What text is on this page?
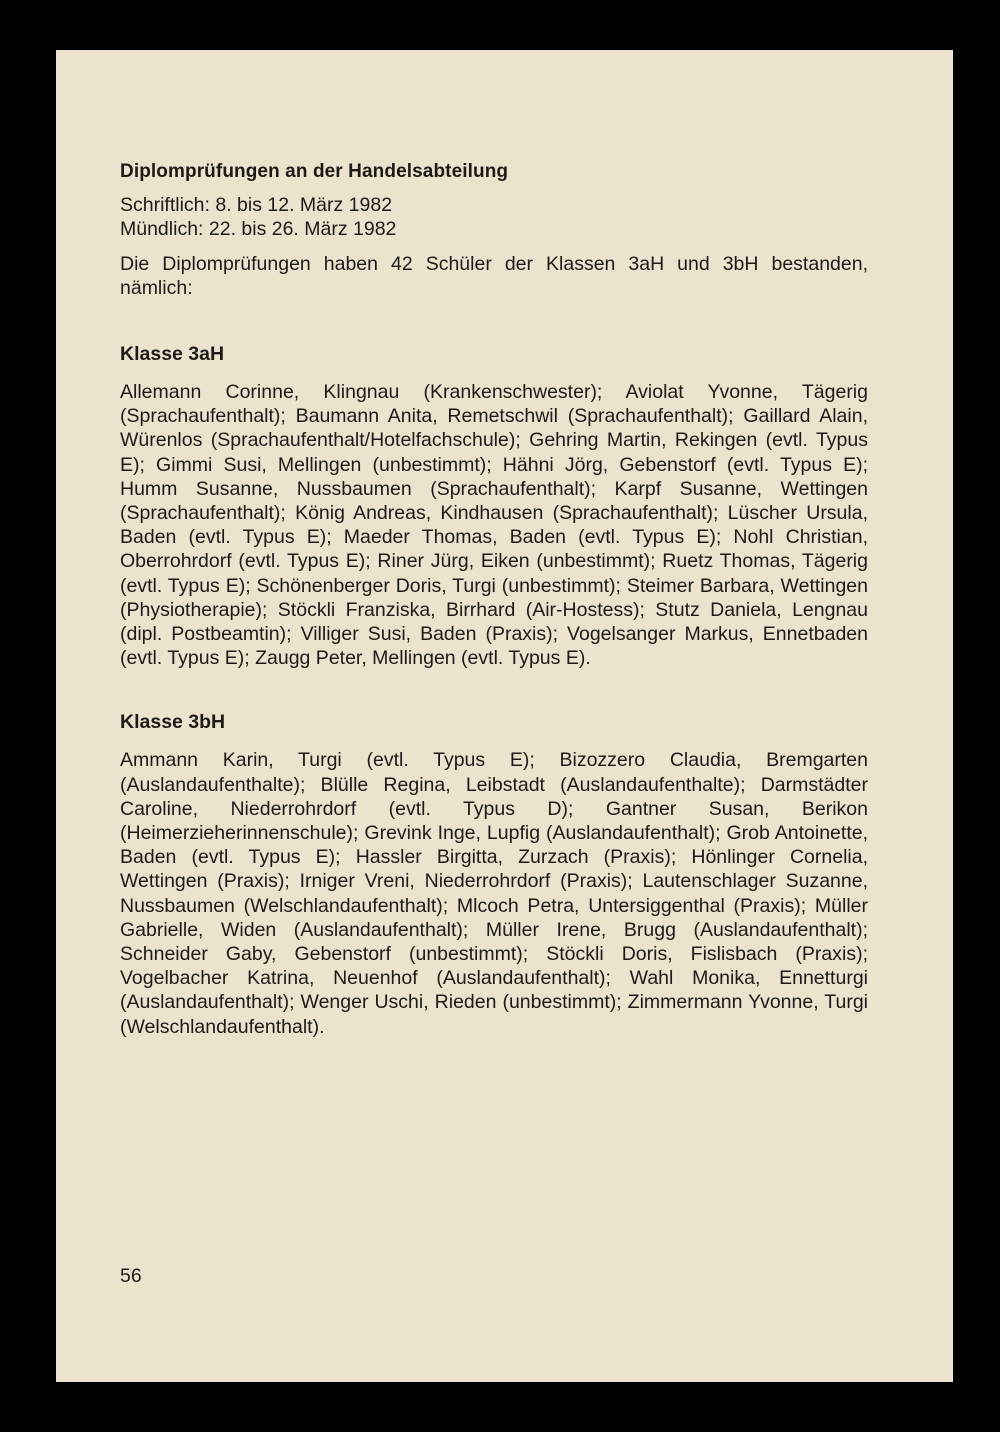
Diplomprüfungen an der Handelsabteilung

Schriftlich: 8. bis 12. März 1982

Mündlich: 22. bis 26. März 1982

Die Diplomprüfungen haben 42 Schüler der Klassen 3aH und 3bH bestanden, nämlich:

Klasse 3aH

Allemann Corinne, Klingnau (Krankenschwester); Aviolat Yvonne, Tägerig (Sprachaufenthalt); Baumann Anita, Remetschwil (Sprachaufenthalt); Gaillard Alain, Würenlos (Sprachaufenthalt/Hotelfachschule); Gehring Martin, Rekingen (evtl. Typus E); Gimmi Susi, Mellingen (unbestimmt); Hähni Jörg, Gebenstorf (evtl. Typus E); Humm Susanne, Nussbaumen (Sprachaufenthalt); Karpf Susanne, Wettingen (Sprachaufenthalt); König Andreas, Kindhausen (Sprachaufenthalt); Lüscher Ursula, Baden (evtl. Typus E); Maeder Thomas, Baden (evtl. Typus E); Nohl Christian, Oberrohrdorf (evtl. Typus E); Riner Jürg, Eiken (unbestimmt); Ruetz Thomas, Tägerig (evtl. Typus E); Schönenberger Doris, Turgi (unbestimmt); Steimer Barbara, Wettingen (Physiotherapie); Stöckli Franziska, Birrhard (Air-Hostess); Stutz Daniela, Lengnau (dipl. Postbeamtin); Villiger Susi, Baden (Praxis); Vogelsanger Markus, Ennetbaden (evtl. Typus E); Zaugg Peter, Mellingen (evtl. Typus E).

Klasse 3bH

Ammann Karin, Turgi (evtl. Typus E); Bizozzero Claudia, Bremgarten (Auslandaufenthalte); Blülle Regina, Leibstadt (Auslandaufenthalte); Darmstädter Caroline, Niederrohrdorf (evtl. Typus D); Gantner Susan, Berikon (Heimerzieherinnenschule); Grevink Inge, Lupfig (Auslandaufenthalt); Grob Antoinette, Baden (evtl. Typus E); Hassler Birgitta, Zurzach (Praxis); Hönlinger Cornelia, Wettingen (Praxis); Irniger Vreni, Niederrohrdorf (Praxis); Lautenschlager Suzanne, Nussbaumen (Welschlandaufenthalt); Mlcoch Petra, Untersiggenthal (Praxis); Müller Gabrielle, Widen (Auslandaufenthalt); Müller Irene, Brugg (Auslandaufenthalt); Schneider Gaby, Gebenstorf (unbestimmt); Stöckli Doris, Fislisbach (Praxis); Vogelbacher Katrina, Neuenhof (Auslandaufenthalt); Wahl Monika, Ennetturgi (Auslandaufenthalt); Wenger Uschi, Rieden (unbestimmt); Zimmermann Yvonne, Turgi (Welschlandaufenthalt).

56
